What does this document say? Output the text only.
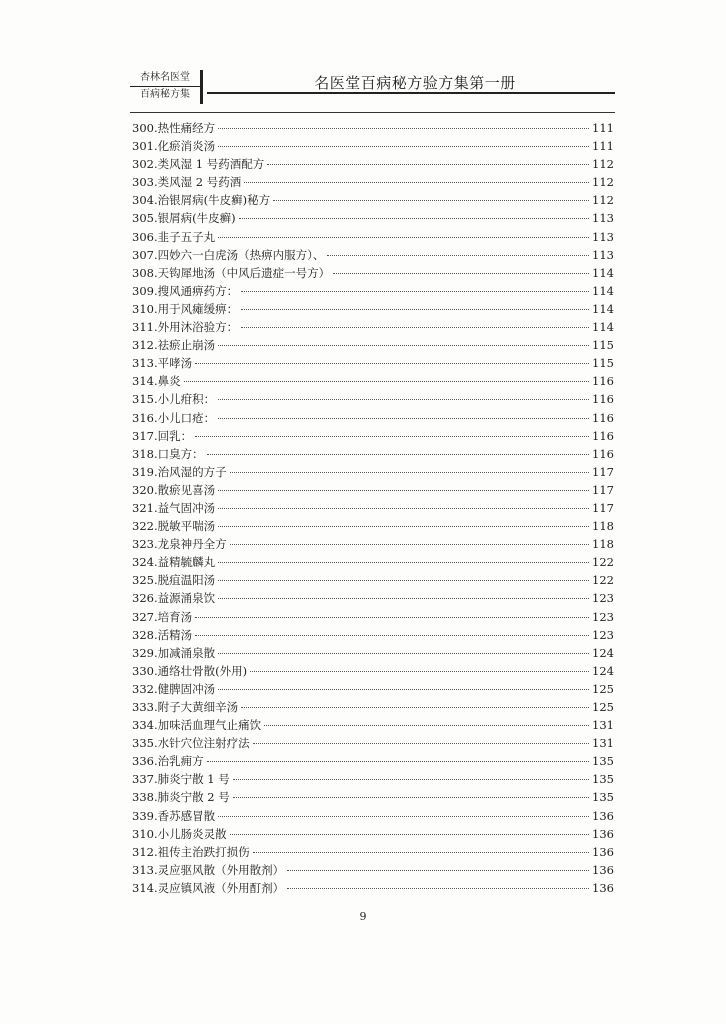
杏林名医堂
百病秘方集
名医堂百病秘方验方集第一册
300.热性痛经方	111
301.化瘀消炎汤	111
302.类风湿 1 号药酒配方	112
303.类风湿 2 号药酒	112
304.治银屑病(牛皮癣)秘方	112
305.银屑病(牛皮癣)	113
306.韭子五子丸	113
307.四妙六一白虎汤（热痹内服方）、	113
308.天钩犀地汤（中风后遗症一号方）	114
309.搜风通痹药方：	114
310.用于风瘫缓痹：	114
311.外用沐浴验方：	114
312.祛瘀止崩汤	115
313.平哮汤	115
314.鼻炎	116
315.小儿疳积：	116
316.小儿口疮：	116
317.回乳：	116
318.口臭方：	116
319.治风湿的方子	117
320.散瘀见喜汤	117
321.益气固冲汤	117
322.脱敏平喘汤	118
323.龙泉神丹全方	118
324.益精毓麟丸	122
325.脱疽温阳汤	122
326.益源涌泉饮	123
327.培育汤	123
328.活精汤	123
329.加减涌泉散	124
330.通络壮骨散(外用)	124
332.健脾固冲汤	125
333.附子大黄细辛汤	125
334.加味活血理气止痛饮	131
335.水针穴位注射疗法	131
336.治乳痈方	135
337.肺炎宁散 1 号	135
338.肺炎宁散 2 号	135
339.香苏感冒散	136
310.小儿肠炎灵散	136
312.祖传主治跌打损伤	136
313.灵应驱风散（外用散剂）	136
314.灵应镇风液（外用酊剂）	136
9
